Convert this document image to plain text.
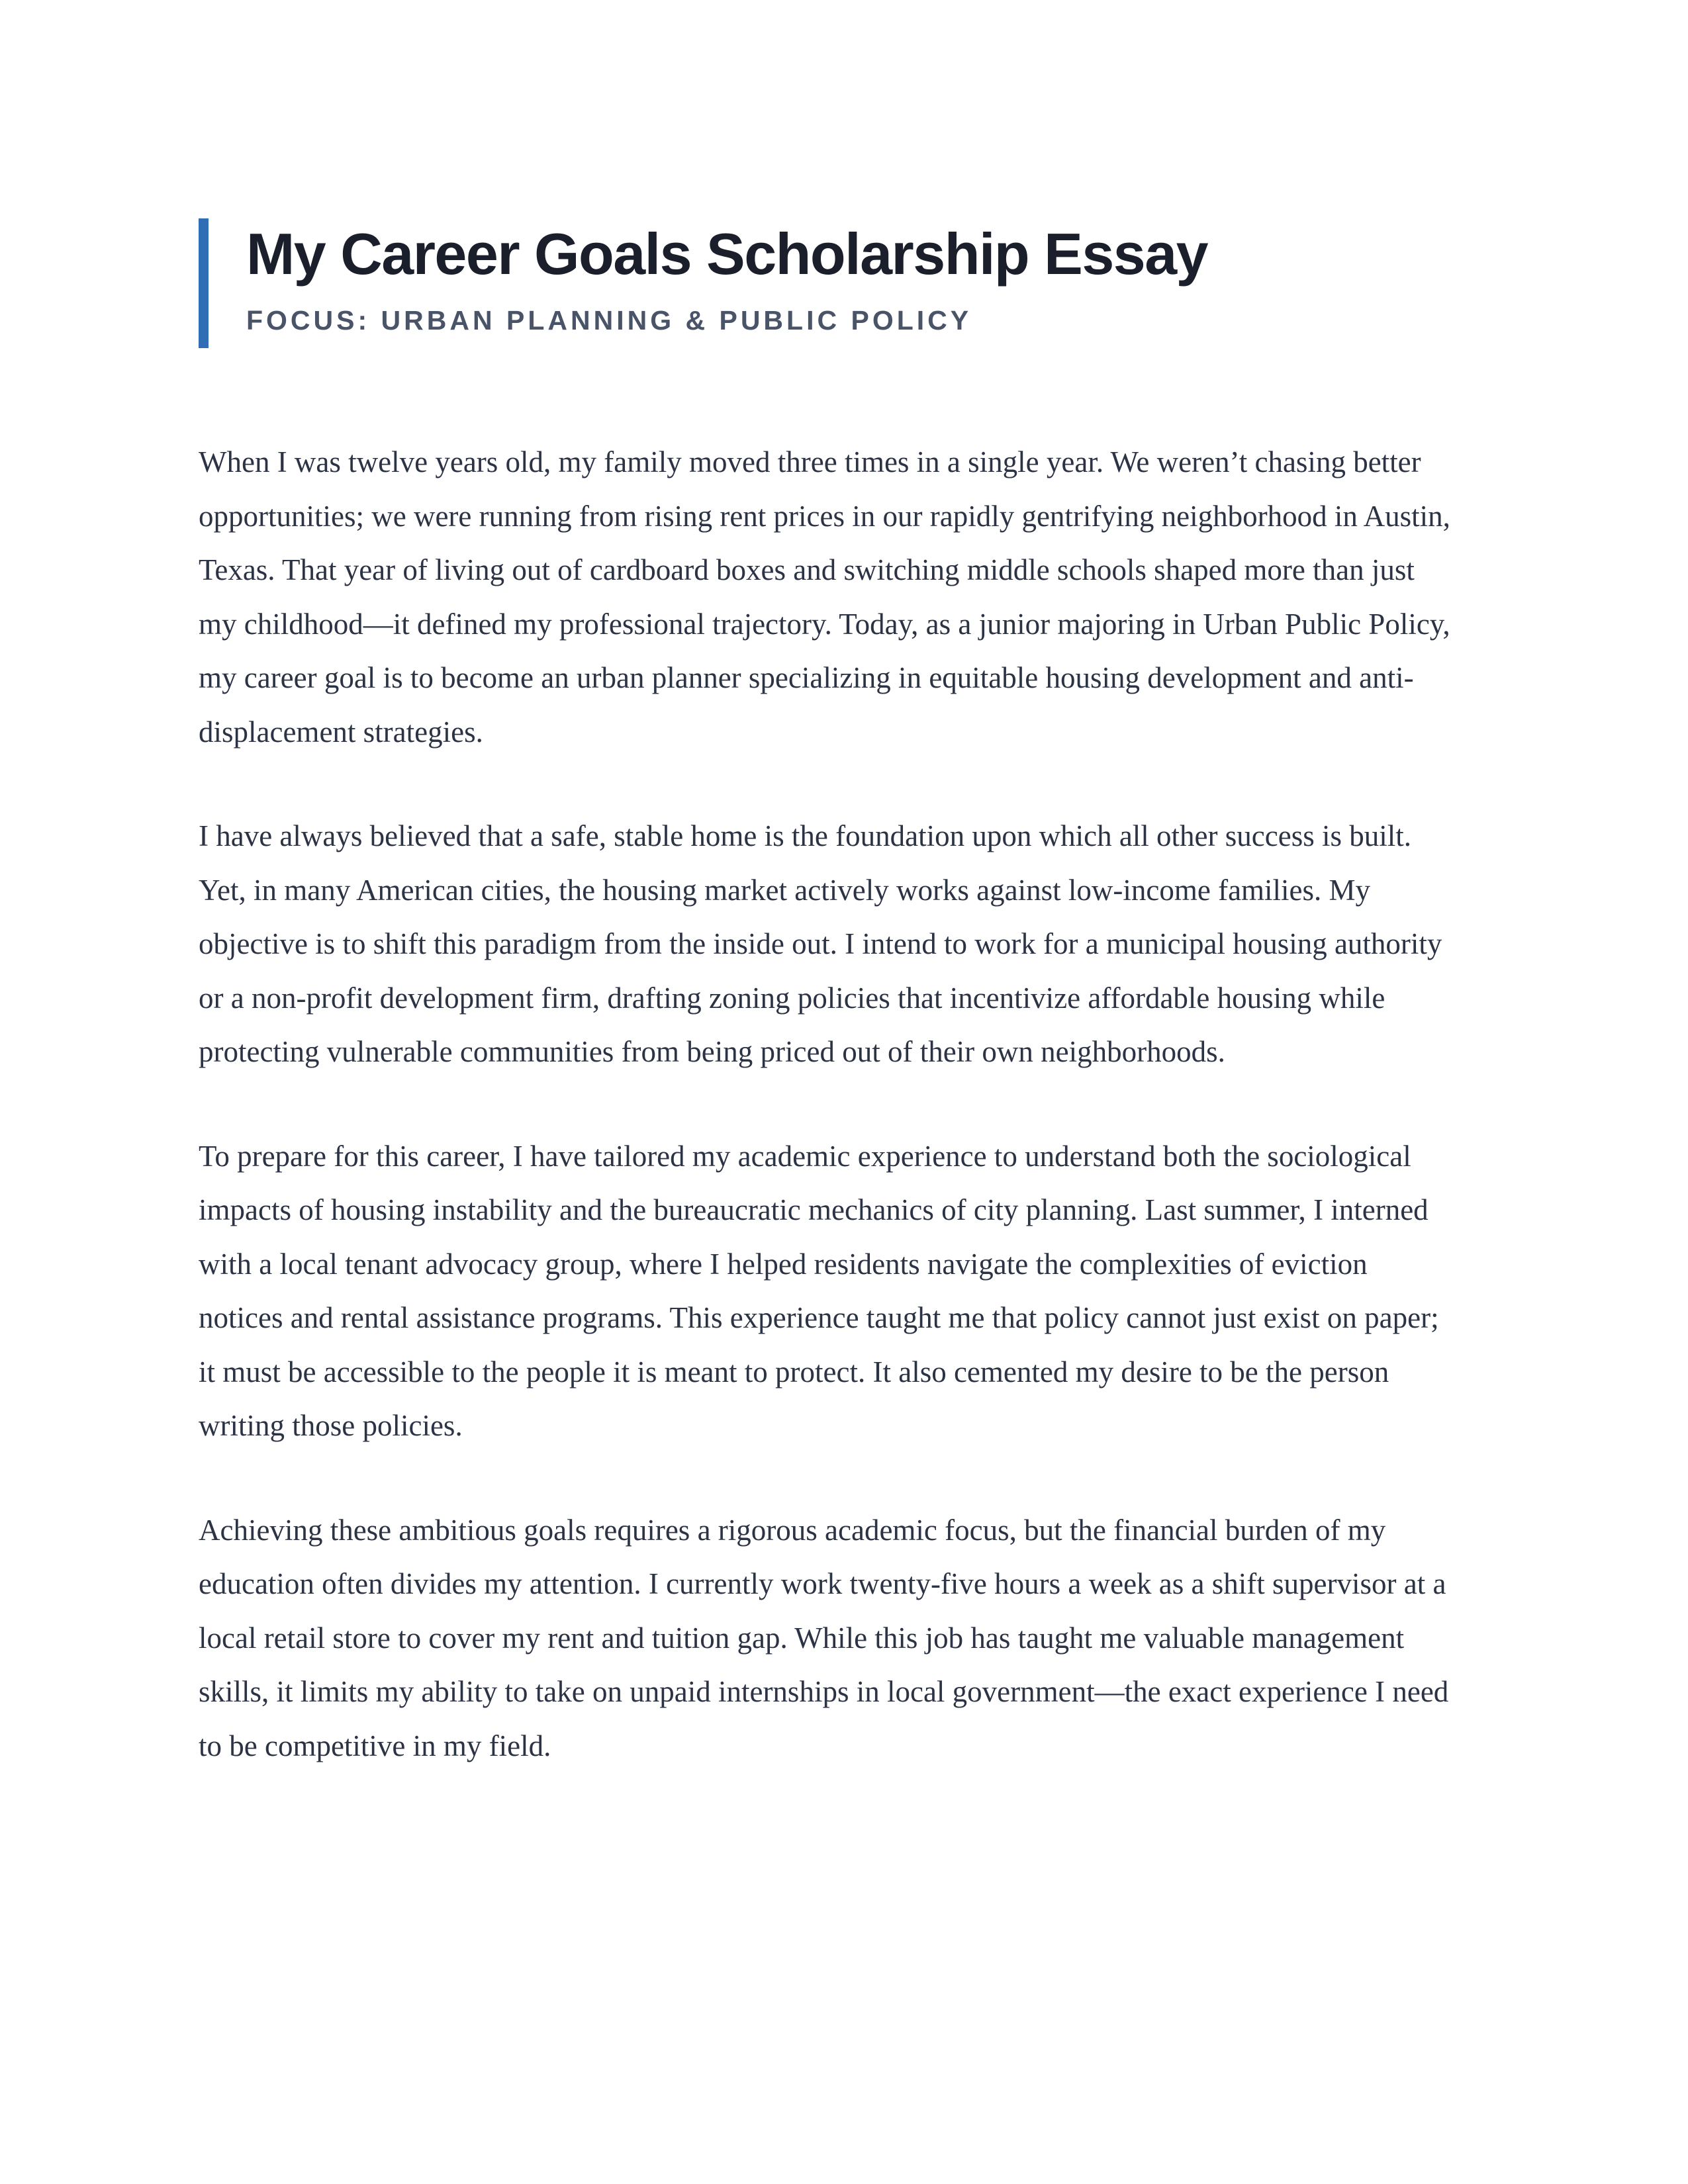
My Career Goals Scholarship Essay
FOCUS: URBAN PLANNING & PUBLIC POLICY

When I was twelve years old, my family moved three times in a single year. We weren’t chasing better opportunities; we were running from rising rent prices in our rapidly gentrifying neighborhood in Austin, Texas. That year of living out of cardboard boxes and switching middle schools shaped more than just my childhood—it defined my professional trajectory. Today, as a junior majoring in Urban Public Policy, my career goal is to become an urban planner specializing in equitable housing development and anti-displacement strategies.

I have always believed that a safe, stable home is the foundation upon which all other success is built. Yet, in many American cities, the housing market actively works against low-income families. My objective is to shift this paradigm from the inside out. I intend to work for a municipal housing authority or a non-profit development firm, drafting zoning policies that incentivize affordable housing while protecting vulnerable communities from being priced out of their own neighborhoods.

To prepare for this career, I have tailored my academic experience to understand both the sociological impacts of housing instability and the bureaucratic mechanics of city planning. Last summer, I interned with a local tenant advocacy group, where I helped residents navigate the complexities of eviction notices and rental assistance programs. This experience taught me that policy cannot just exist on paper; it must be accessible to the people it is meant to protect. It also cemented my desire to be the person writing those policies.

Achieving these ambitious goals requires a rigorous academic focus, but the financial burden of my education often divides my attention. I currently work twenty-five hours a week as a shift supervisor at a local retail store to cover my rent and tuition gap. While this job has taught me valuable management skills, it limits my ability to take on unpaid internships in local government—the exact experience I need to be competitive in my field.
